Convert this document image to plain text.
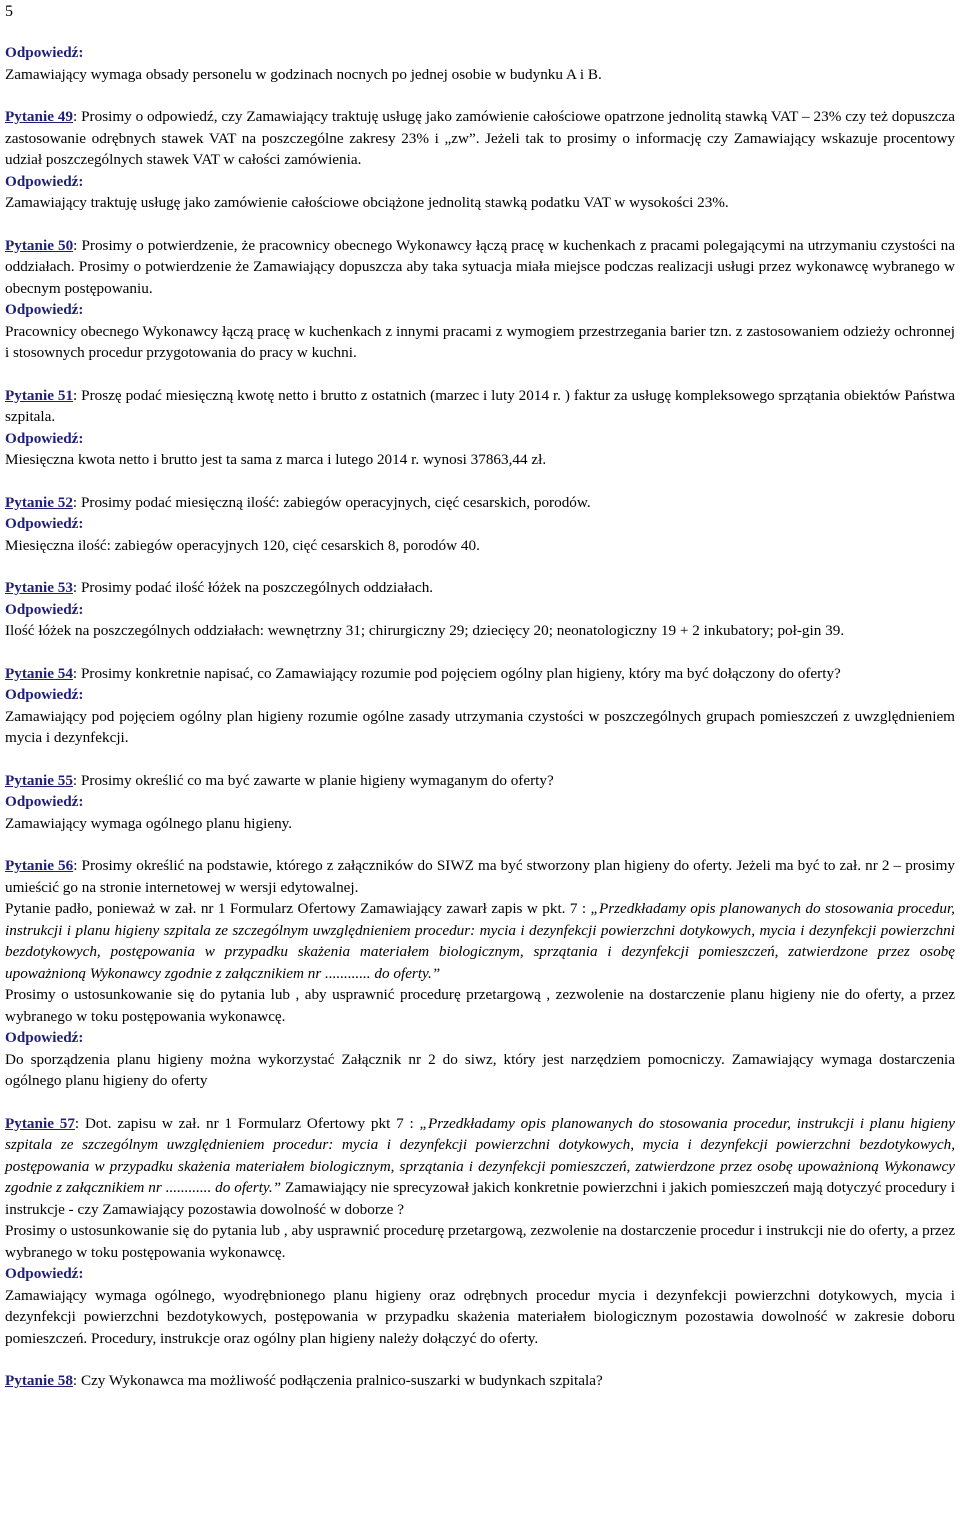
5
Odpowiedź:

Zamawiający wymaga obsady personelu w godzinach nocnych po jednej osobie w budynku A i B.

Pytanie 49: Prosimy o odpowiedź, czy Zamawiający traktuję usługę jako zamówienie całościowe opatrzone jednolitą stawką VAT – 23% czy też dopuszcza zastosowanie odrębnych stawek VAT na poszczególne zakresy 23% i „zw”. Jeżeli tak to prosimy o informację czy Zamawiający wskazuje procentowy udział poszczególnych stawek VAT w całości zamówienia.

Odpowiedź:

Zamawiający traktuję usługę jako zamówienie całościowe obciążone jednolitą stawką podatku VAT w wysokości 23%.

Pytanie 50: Prosimy o potwierdzenie, że pracownicy obecnego Wykonawcy łączą pracę w kuchenkach z pracami polegającymi na utrzymaniu czystości na oddziałach. Prosimy o potwierdzenie że Zamawiający dopuszcza aby taka sytuacja miała miejsce podczas realizacji usługi przez wykonawcę wybranego w obecnym postępowaniu.

Odpowiedź:

Pracownicy obecnego Wykonawcy łączą pracę w kuchenkach z innymi pracami z wymogiem przestrzegania barier tzn. z zastosowaniem odzieży ochronnej i stosownych procedur przygotowania do pracy w kuchni.

Pytanie 51: Proszę podać miesięczną kwotę netto i brutto z ostatnich (marzec i luty 2014 r. ) faktur za usługę kompleksowego sprzątania obiektów Państwa szpitala.

Odpowiedź:

Miesięczna kwota netto i brutto jest ta sama z marca i lutego 2014 r. wynosi 37863,44 zł.

Pytanie 52: Prosimy podać miesięczną ilość: zabiegów operacyjnych, cięć cesarskich, porodów.

Odpowiedź:

Miesięczna ilość: zabiegów operacyjnych 120, cięć cesarskich 8, porodów 40.

Pytanie 53: Prosimy podać ilość łóżek na poszczególnych oddziałach.

Odpowiedź:

Ilość łóżek na poszczególnych oddziałach: wewnętrzny 31; chirurgiczny 29; dziecięcy 20; neonatologiczny 19 + 2 inkubatory; poł-gin 39.

Pytanie 54: Prosimy konkretnie napisać, co Zamawiający rozumie pod pojęciem ogólny plan higieny, który ma być dołączony do oferty?

Odpowiedź:

Zamawiający pod pojęciem ogólny plan higieny rozumie ogólne zasady utrzymania czystości w poszczególnych grupach pomieszczeń z uwzględnieniem mycia i dezynfekcji.

Pytanie 55: Prosimy określić co ma być zawarte w planie higieny wymaganym do oferty?

Odpowiedź:

Zamawiający wymaga ogólnego planu higieny.

Pytanie 56: Prosimy określić na podstawie, którego z załączników do SIWZ ma być stworzony plan higieny do oferty. Jeżeli ma być to zał. nr 2 – prosimy umieścić go na stronie internetowej w wersji edytowalnej.

Pytanie padło, ponieważ w zał. nr 1 Formularz Ofertowy Zamawiający zawarł zapis w pkt. 7 : „Przedkładamy opis planowanych do stosowania procedur, instrukcji i planu higieny szpitala ze szczególnym uwzględnieniem procedur: mycia i dezynfekcji powierzchni dotykowych, mycia i dezynfekcji powierzchni bezdotykowych, postępowania w przypadku skażenia materiałem biologicznym, sprzątania i dezynfekcji pomieszczeń, zatwierdzone przez osobę upoważnioną Wykonawcy zgodnie z załącznikiem nr ............ do oferty.”

Prosimy o ustosunkowanie się do pytania lub , aby usprawnić procedurę przetargową , zezwolenie na dostarczenie planu higieny nie do oferty, a przez wybranego w toku postępowania wykonawcę.

Odpowiedź:

Do sporządzenia planu higieny można wykorzystać Załącznik nr 2 do siwz, który jest narzędziem pomocniczy. Zamawiający wymaga dostarczenia ogólnego planu higieny do oferty

Pytanie 57: Dot. zapisu w zał. nr 1 Formularz Ofertowy pkt 7 : „Przedkładamy opis planowanych do stosowania procedur, instrukcji i planu higieny szpitala ze szczególnym uwzględnieniem procedur: mycia i dezynfekcji powierzchni dotykowych, mycia i dezynfekcji powierzchni bezdotykowych, postępowania w przypadku skażenia materiałem biologicznym, sprzątania i dezynfekcji pomieszczeń, zatwierdzone przez osobę upoważnioną Wykonawcy zgodnie z załącznikiem nr ............ do oferty.” Zamawiający nie sprecyzował jakich konkretnie powierzchni i jakich pomieszczeń mają dotyczyć procedury i instrukcje - czy Zamawiający pozostawia dowolność w doborze ?

Prosimy o ustosunkowanie się do pytania lub , aby usprawnić procedurę przetargową, zezwolenie na dostarczenie procedur i instrukcji nie do oferty, a przez wybranego w toku postępowania wykonawcę.

Odpowiedź:

Zamawiający wymaga ogólnego, wyodrębnionego planu higieny oraz odrębnych procedur mycia i dezynfekcji powierzchni dotykowych, mycia i dezynfekcji powierzchni bezdotykowych, postępowania w przypadku skażenia materiałem biologicznym pozostawia dowolność w zakresie doboru pomieszczeń. Procedury, instrukcje oraz ogólny plan higieny należy dołączyć do oferty.

Pytanie 58: Czy Wykonawca ma możliwość podłączenia pralnico-suszarki w budynkach szpitala?
